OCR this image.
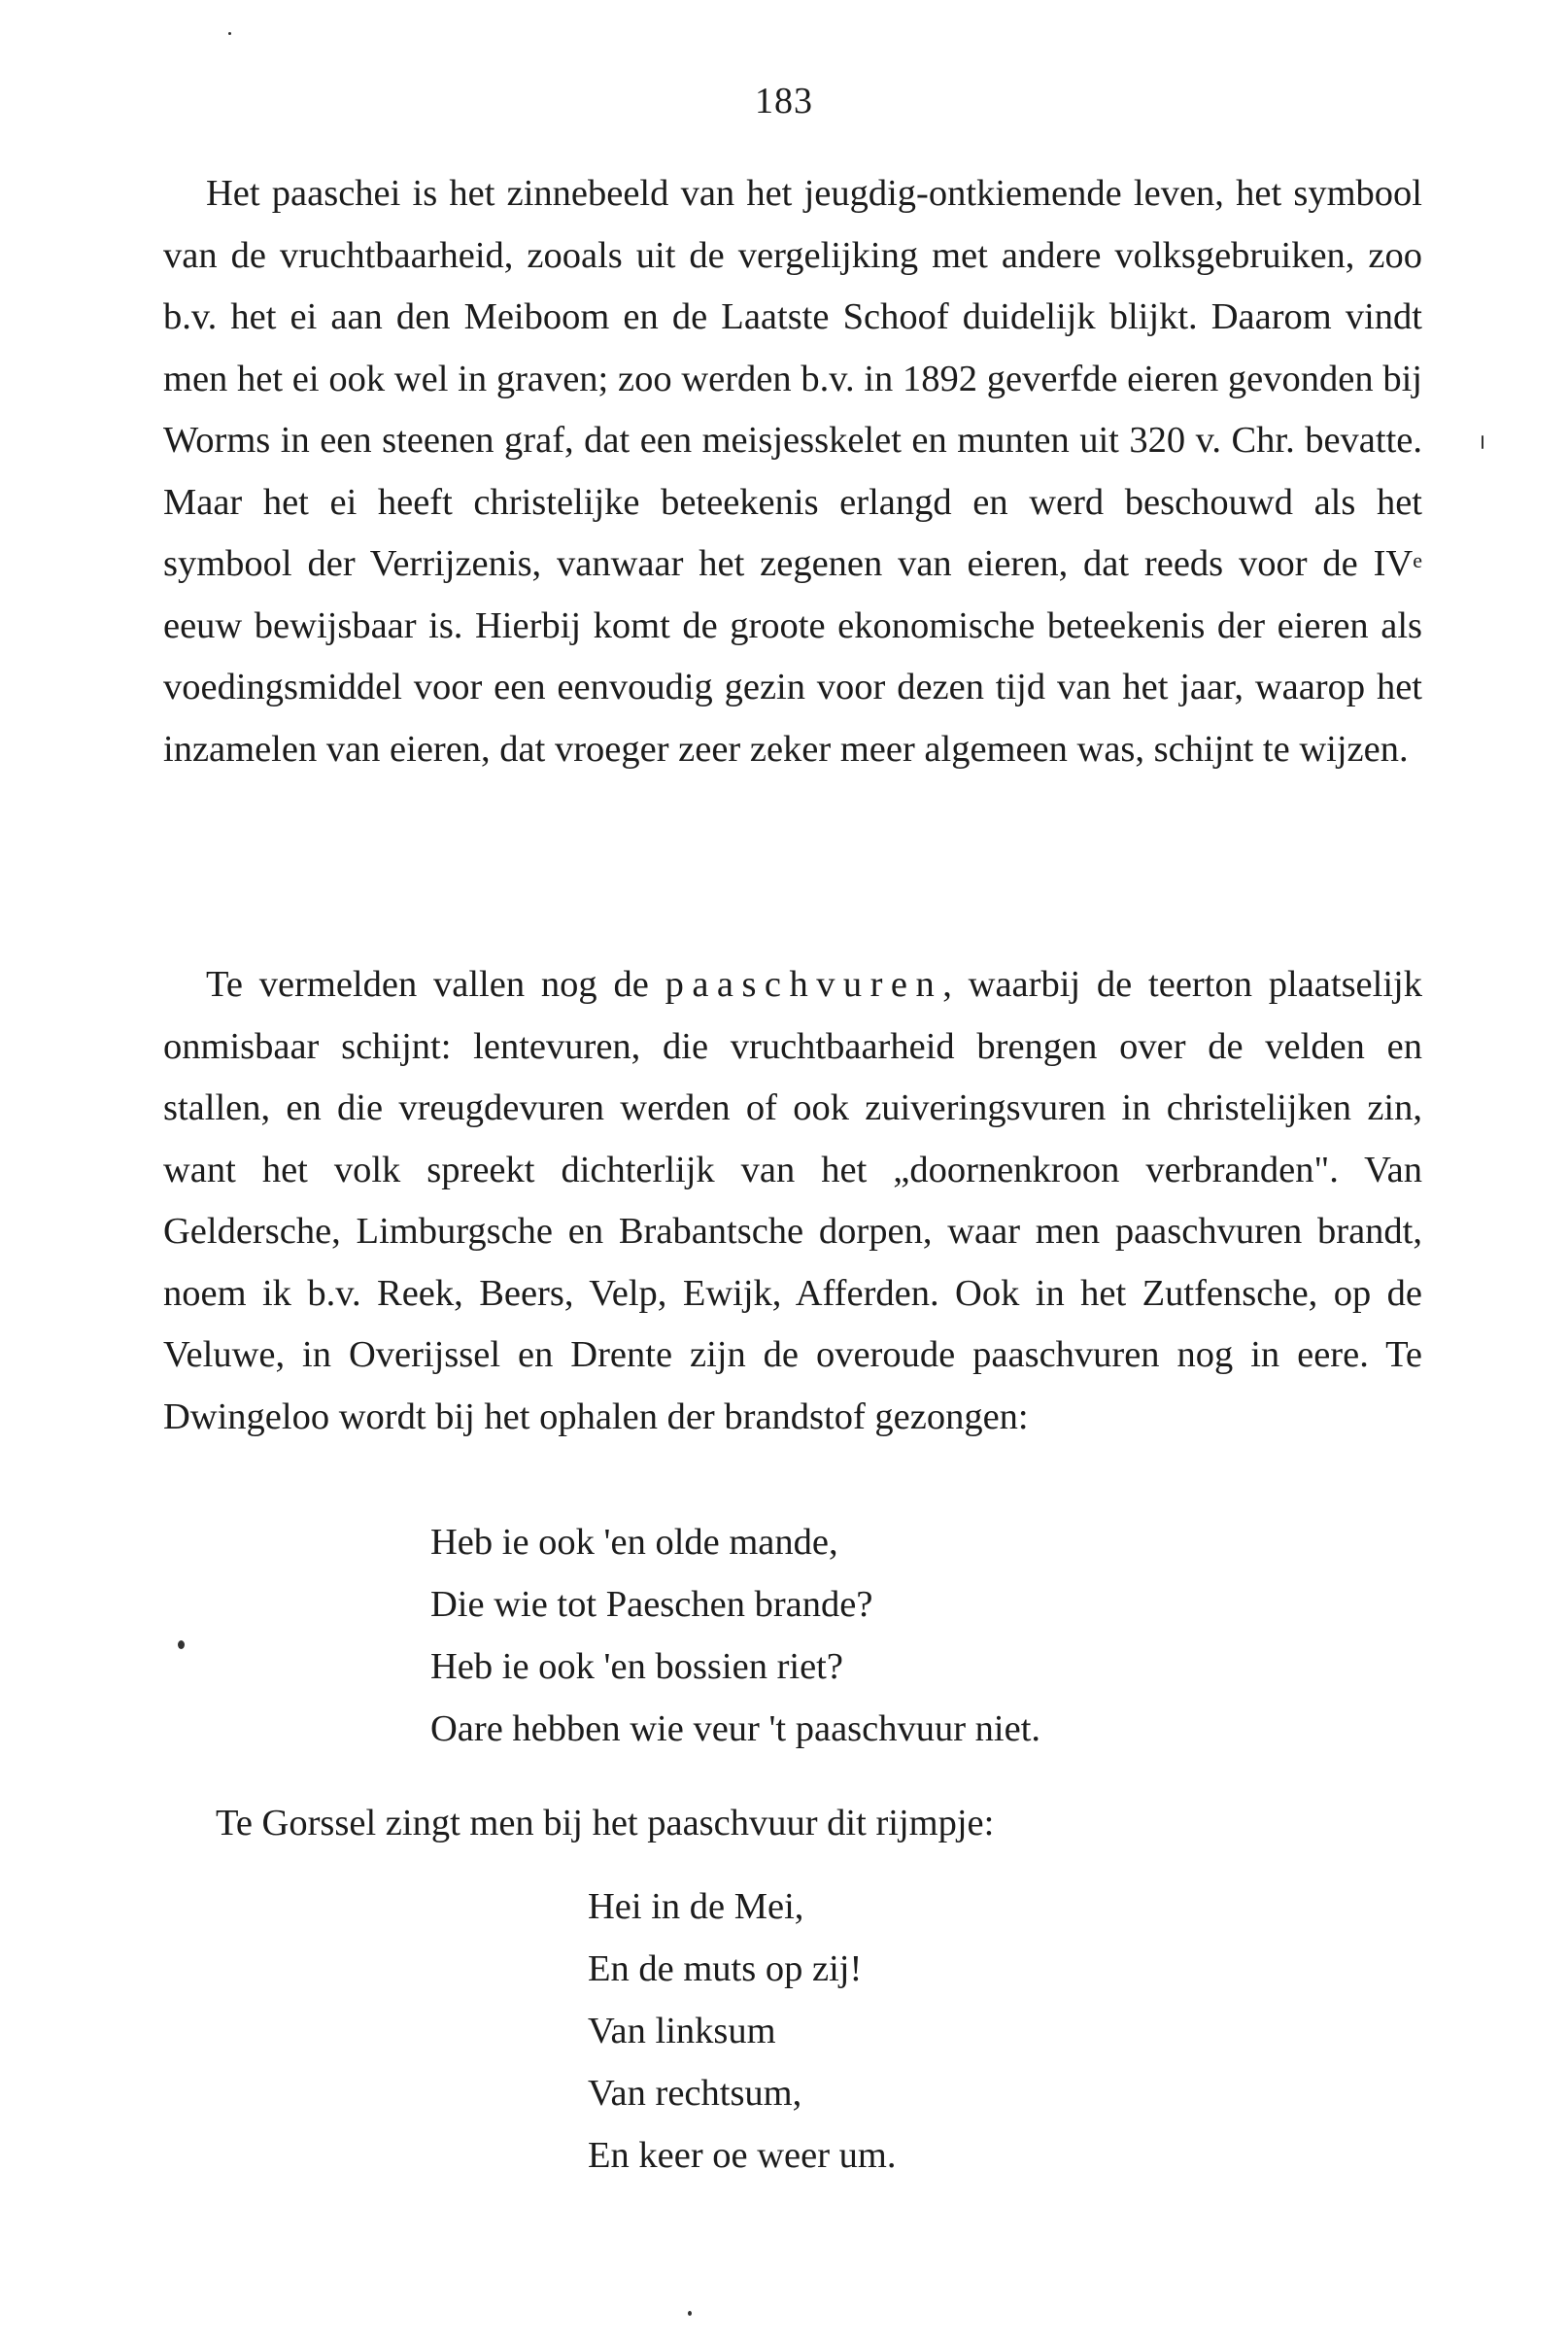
183

Het paaschei is het zinnebeeld van het jeugdig-ontkiemende leven, het symbool van de vruchtbaarheid, zooals uit de vergelijking met andere volksgebruiken, zoo b.v. het ei aan den Meiboom en de Laatste Schoof duidelijk blijkt. Daarom vindt men het ei ook wel in graven; zoo werden b.v. in 1892 geverfde eieren gevonden bij Worms in een steenen graf, dat een meisjesskelet en munten uit 320 v. Chr. bevatte. Maar het ei heeft christelijke beteekenis erlangd en werd beschouwd als het symbool der Verrijzenis, vanwaar het zegenen van eieren, dat reeds voor de IVe eeuw bewijsbaar is. Hierbij komt de groote ekonomische beteekenis der eieren als voedingsmiddel voor een eenvoudig gezin voor dezen tijd van het jaar, waarop het inzamelen van eieren, dat vroeger zeer zeker meer algemeen was, schijnt te wijzen.

Te vermelden vallen nog de paaschvuren, waarbij de teerton plaatselijk onmisbaar schijnt: lentevuren, die vruchtbaarheid brengen over de velden en stallen, en die vreugdevuren werden of ook zuiveringsvuren in christelijken zin, want het volk spreekt dichterlijk van het „doornenkroon verbranden". Van Geldersche, Limburgsche en Brabantsche dorpen, waar men paaschvuren brandt, noem ik b.v. Reek, Beers, Velp, Ewijk, Afferden. Ook in het Zutfensche, op de Veluwe, in Overijssel en Drente zijn de overoude paaschvuren nog in eere. Te Dwingeloo wordt bij het ophalen der brandstof gezongen:

Heb ie ook 'en olde mande,
Die wie tot Paeschen brande?
Heb ie ook 'en bossien riet?
Oare hebben wie veur 't paaschvuur niet.
Te Gorssel zingt men bij het paaschvuur dit rijmpje:
Hei in de Mei,
En de muts op zij!
Van linksum
Van rechtsum,
En keer oe weer um.
